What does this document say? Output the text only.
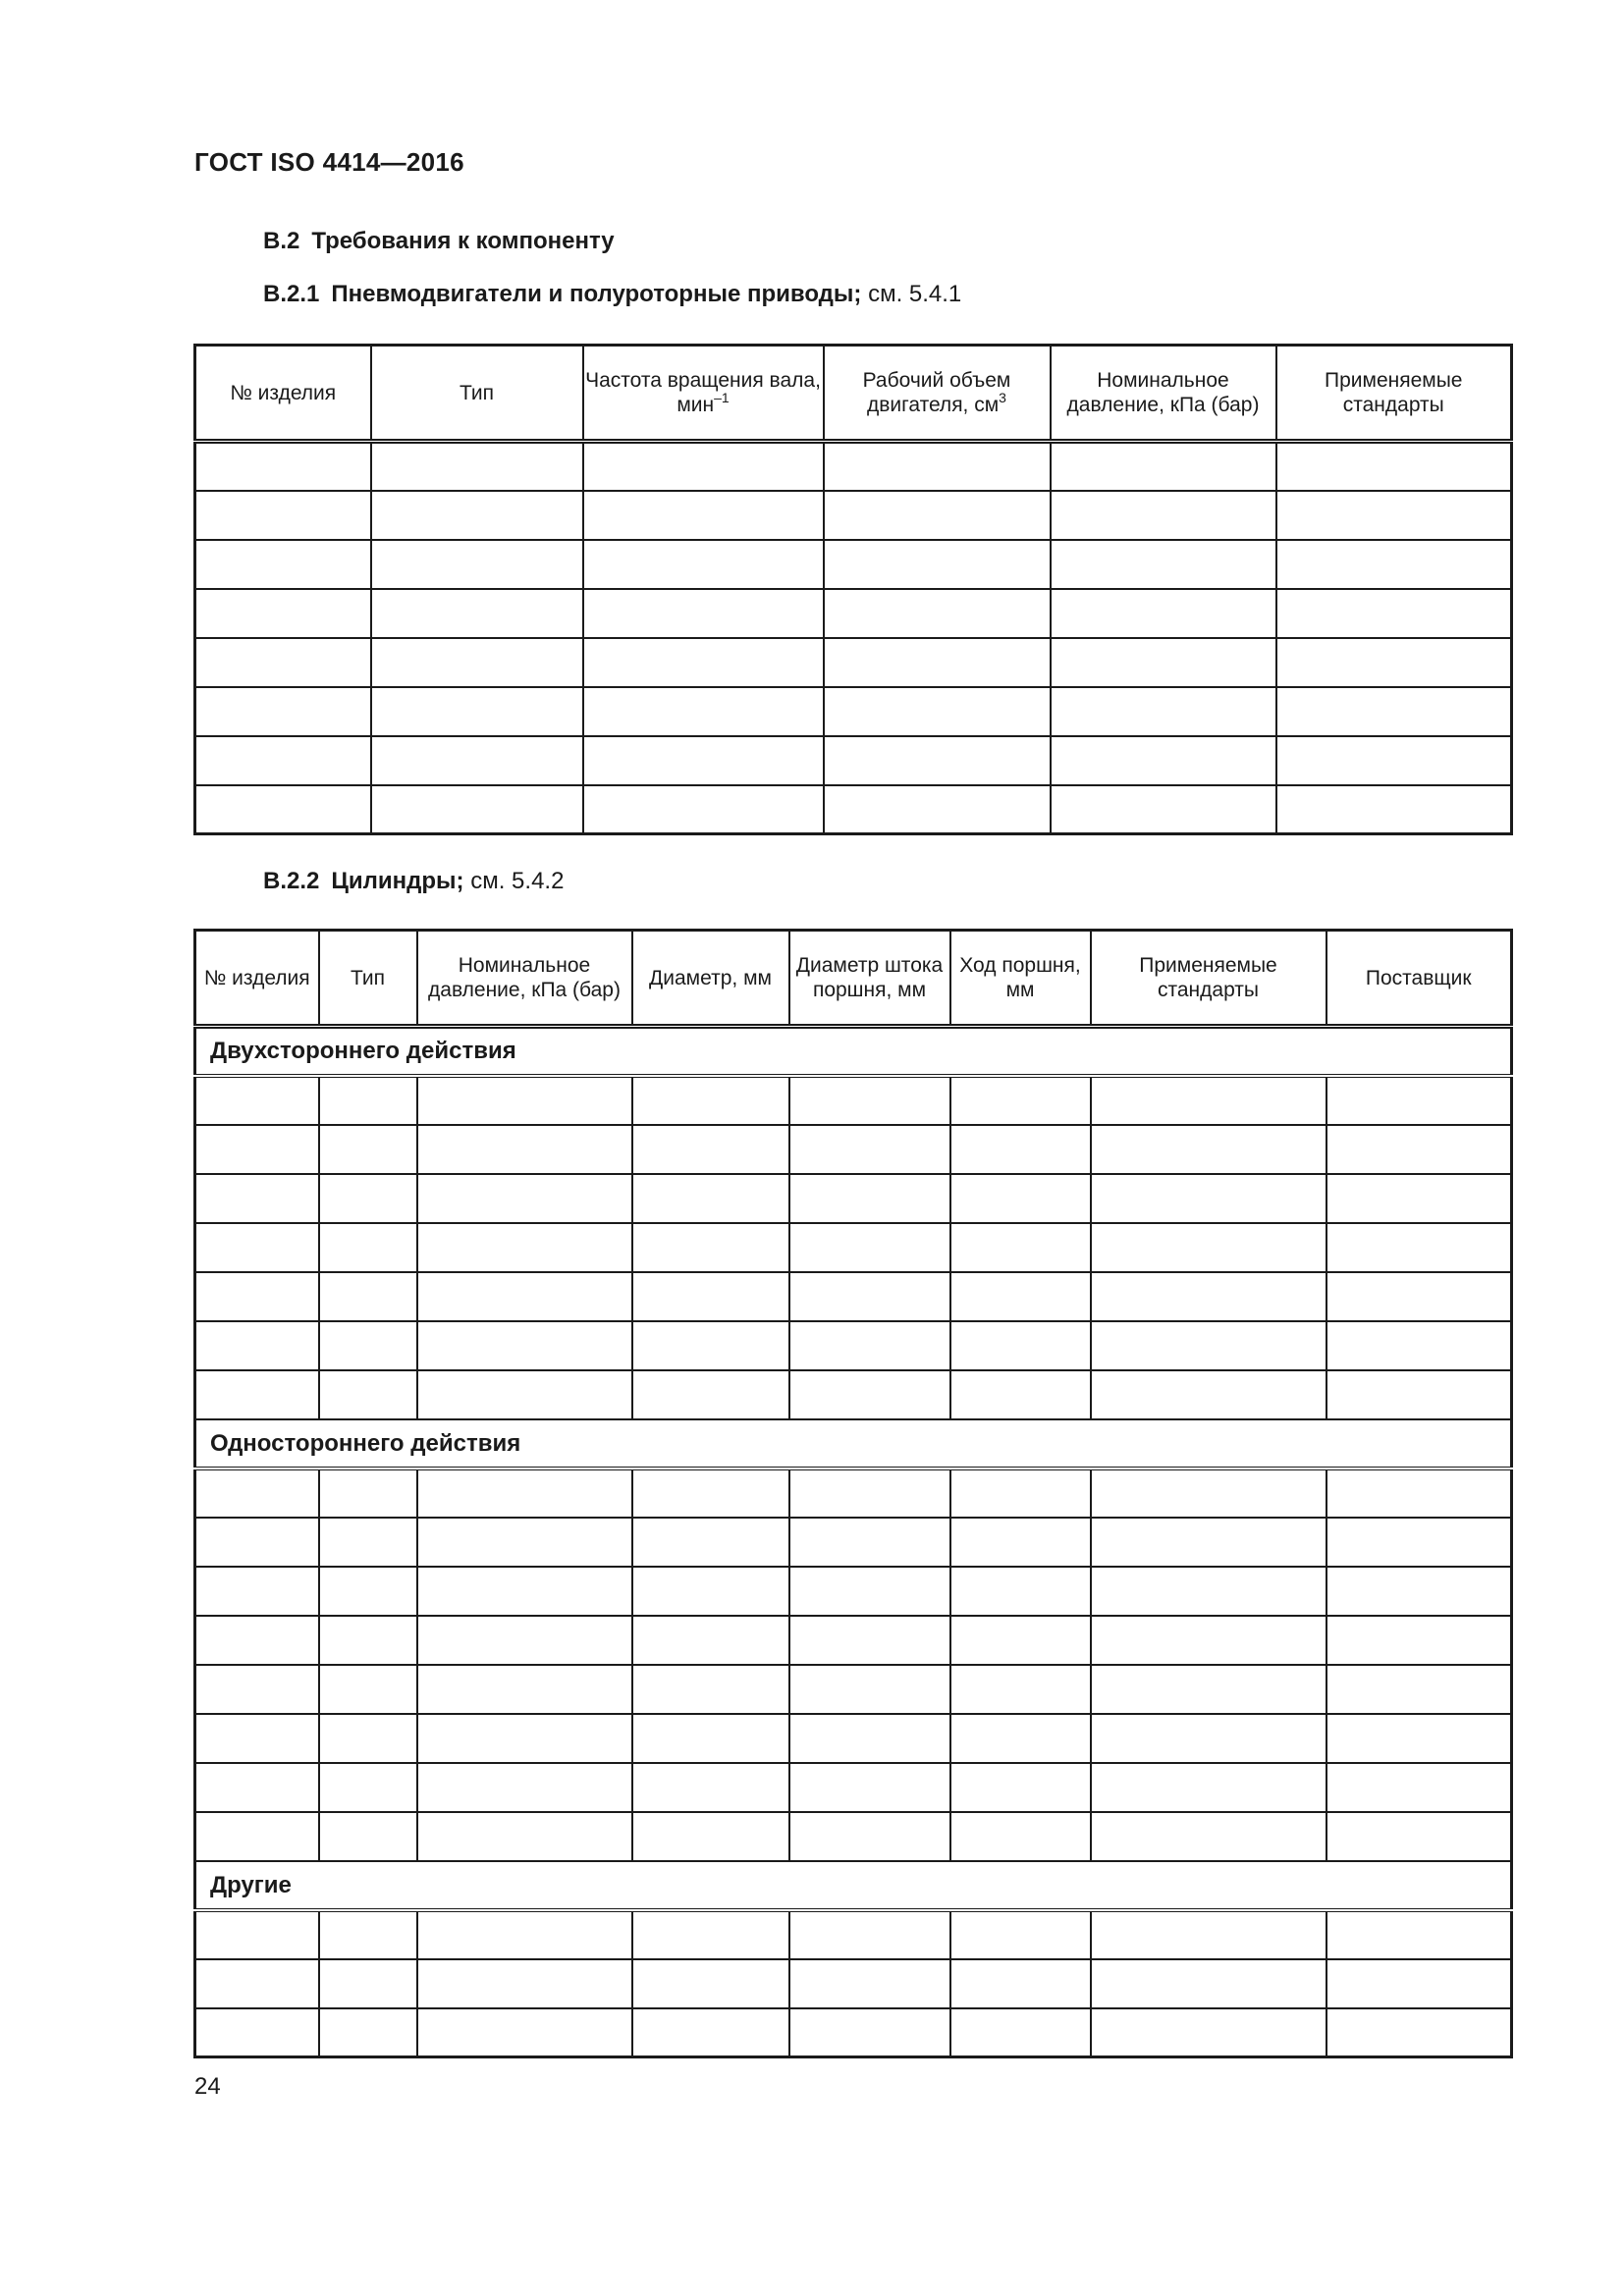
ГОСТ ISO 4414—2016
B.2 Требования к компоненту
B.2.1 Пневмодвигатели и полуроторные приводы; см. 5.4.1
№ изделия	Тип	Частота вращения вала, мин$^{-1}$	Рабочий объем двигателя, $см^3$	Номинальное давление, кПа (бар)	Применяемые стандарты

B.2.2 Цилиндры; см. 5.4.2
№ изделия	Тип	Номинальное давление, кПа (бар)	Диаметр, мм	Диаметр штока поршня, мм	Ход поршня, мм	Применяемые стандарты	Поставщик
Двухстороннего действия							

Одностороннего действия							

Другие							

24
